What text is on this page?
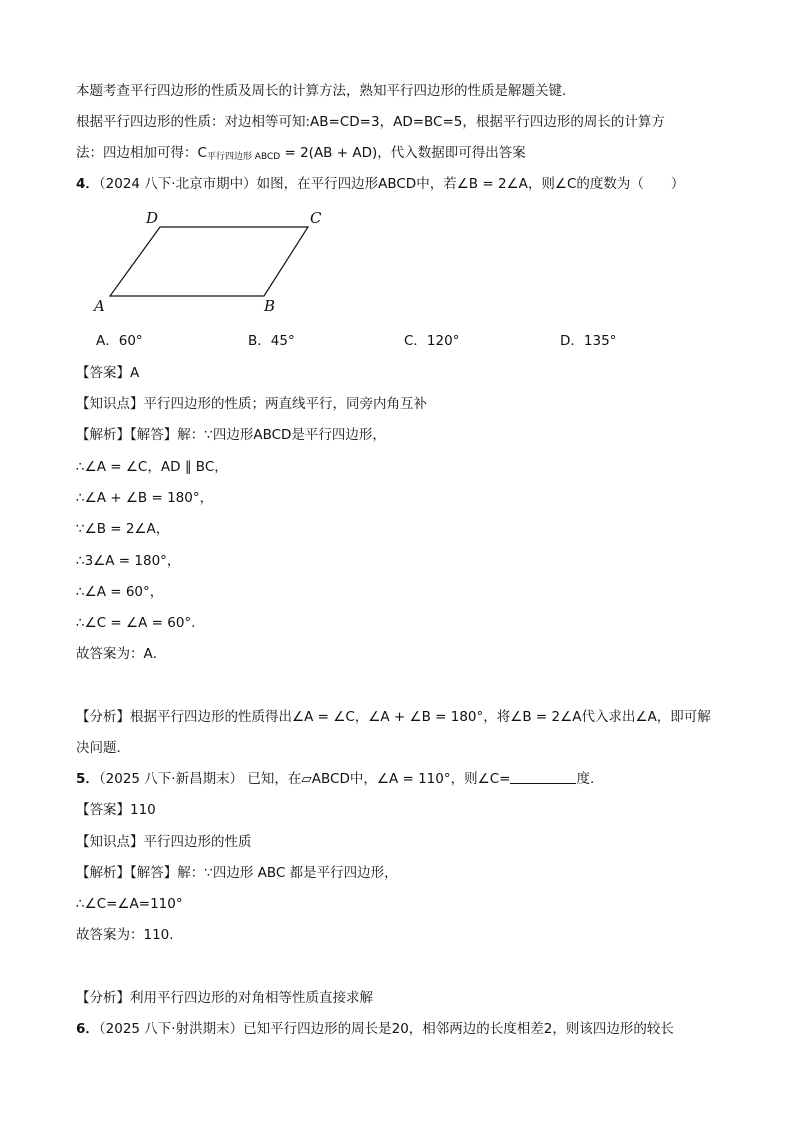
本题考查平行四边形的性质及周长的计算方法，熟知平行四边形的性质是解题关键.
根据平行四边形的性质：对边相等可知:AB=CD=3，AD=BC=5，根据平行四边形的周长的计算方
法：四边相加可得：$C_{平行四边形 ABCD} = 2(AB + AD)$，代入数据即可得出答案
4．（2024 八下·北京市期中）如图，在平行四边形ABCD中，若∠B = 2∠A，则∠C的度数为（　　）
D	C
A	B
A．60°	B．45°	C．120°	D．135°
【答案】A
【知识点】平行四边形的性质；两直线平行，同旁内角互补
【解析】【解答】解：∵四边形ABCD是平行四边形，
∴∠A = ∠C，AD ∥ BC，
∴∠A + ∠B = 180°，
∵∠B = 2∠A，
∴3∠A = 180°，
∴∠A = 60°，
∴∠C = ∠A = 60°.
故答案为：A．
【分析】根据平行四边形的性质得出∠A = ∠C，∠A + ∠B = 180°，将∠B = 2∠A代入求出∠A，即可解
决问题．
5．（2025 八下·新昌期末） 已知，在▱ABCD中，∠A = 110°，则∠C=	度.
【答案】110
【知识点】平行四边形的性质
【解析】【解答】解：∵四边形 ABC 都是平行四边形，
∴∠C=∠A=110°
故答案为：110.
【分析】利用平行四边形的对角相等性质直接求解
6．（2025 八下·射洪期末）已知平行四边形的周长是20，相邻两边的长度相差2，则该四边形的较长
